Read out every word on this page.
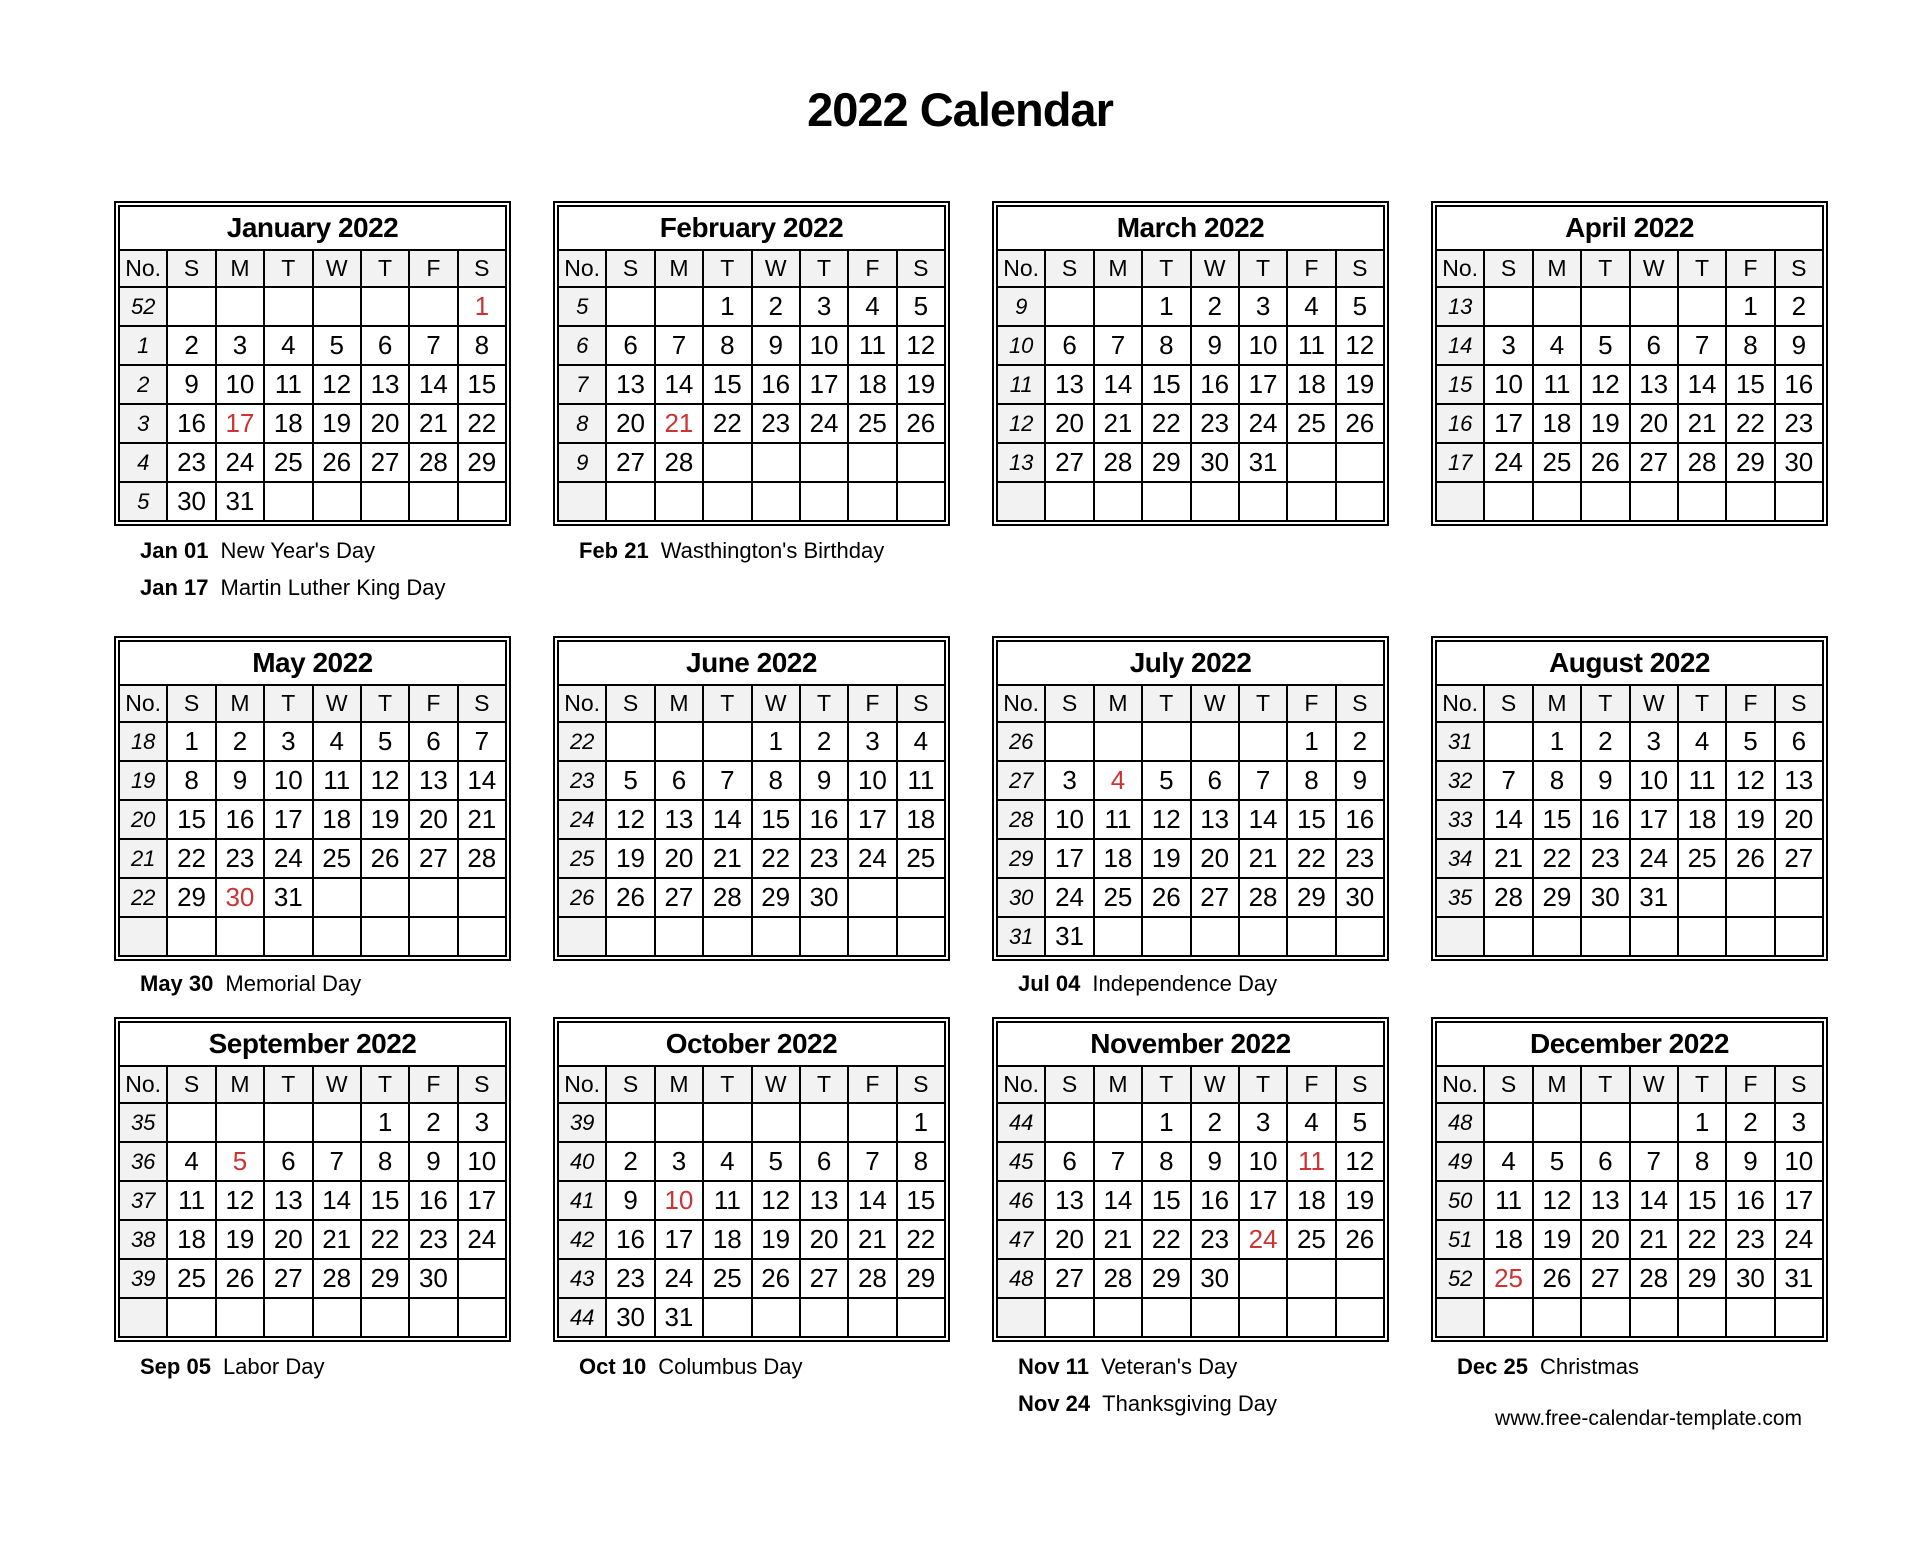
2022 Calendar
January 2022							
No.	S	M	T	W	T	F	S
52							1
1	2	3	4	5	6	7	8
2	9	10	11	12	13	14	15
3	16	17	18	19	20	21	22
4	23	24	25	26	27	28	29
5	30	31					
February 2022							
No.	S	M	T	W	T	F	S
5			1	2	3	4	5
6	6	7	8	9	10	11	12
7	13	14	15	16	17	18	19
8	20	21	22	23	24	25	26
9	27	28					

March 2022							
No.	S	M	T	W	T	F	S
9			1	2	3	4	5
10	6	7	8	9	10	11	12
11	13	14	15	16	17	18	19
12	20	21	22	23	24	25	26
13	27	28	29	30	31		

April 2022							
No.	S	M	T	W	T	F	S
13						1	2
14	3	4	5	6	7	8	9
15	10	11	12	13	14	15	16
16	17	18	19	20	21	22	23
17	24	25	26	27	28	29	30

Jan 01 New Year's Day
Jan 17 Martin Luther King Day
Feb 21 Wasthington's Birthday
May 2022							
No.	S	M	T	W	T	F	S
18	1	2	3	4	5	6	7
19	8	9	10	11	12	13	14
20	15	16	17	18	19	20	21
21	22	23	24	25	26	27	28
22	29	30	31				

June 2022							
No.	S	M	T	W	T	F	S
22				1	2	3	4
23	5	6	7	8	9	10	11
24	12	13	14	15	16	17	18
25	19	20	21	22	23	24	25
26	26	27	28	29	30		

July 2022							
No.	S	M	T	W	T	F	S
26						1	2
27	3	4	5	6	7	8	9
28	10	11	12	13	14	15	16
29	17	18	19	20	21	22	23
30	24	25	26	27	28	29	30
31	31						
August 2022							
No.	S	M	T	W	T	F	S
31		1	2	3	4	5	6
32	7	8	9	10	11	12	13
33	14	15	16	17	18	19	20
34	21	22	23	24	25	26	27
35	28	29	30	31			

May 30 Memorial Day	Jul 04 Independence Day
September 2022							
No.	S	M	T	W	T	F	S
35					1	2	3
36	4	5	6	7	8	9	10
37	11	12	13	14	15	16	17
38	18	19	20	21	22	23	24
39	25	26	27	28	29	30	

October 2022							
No.	S	M	T	W	T	F	S
39							1
40	2	3	4	5	6	7	8
41	9	10	11	12	13	14	15
42	16	17	18	19	20	21	22
43	23	24	25	26	27	28	29
44	30	31					
November 2022							
No.	S	M	T	W	T	F	S
44			1	2	3	4	5
45	6	7	8	9	10	11	12
46	13	14	15	16	17	18	19
47	20	21	22	23	24	25	26
48	27	28	29	30			

December 2022							
No.	S	M	T	W	T	F	S
48					1	2	3
49	4	5	6	7	8	9	10
50	11	12	13	14	15	16	17
51	18	19	20	21	22	23	24
52	25	26	27	28	29	30	31

Sep 05 Labor Day	Oct 10 Columbus Day	Nov 11 Veteran's Day
Nov 24 Thanksgiving Day
Dec 25 Christmas
www.free-calendar-template.com
